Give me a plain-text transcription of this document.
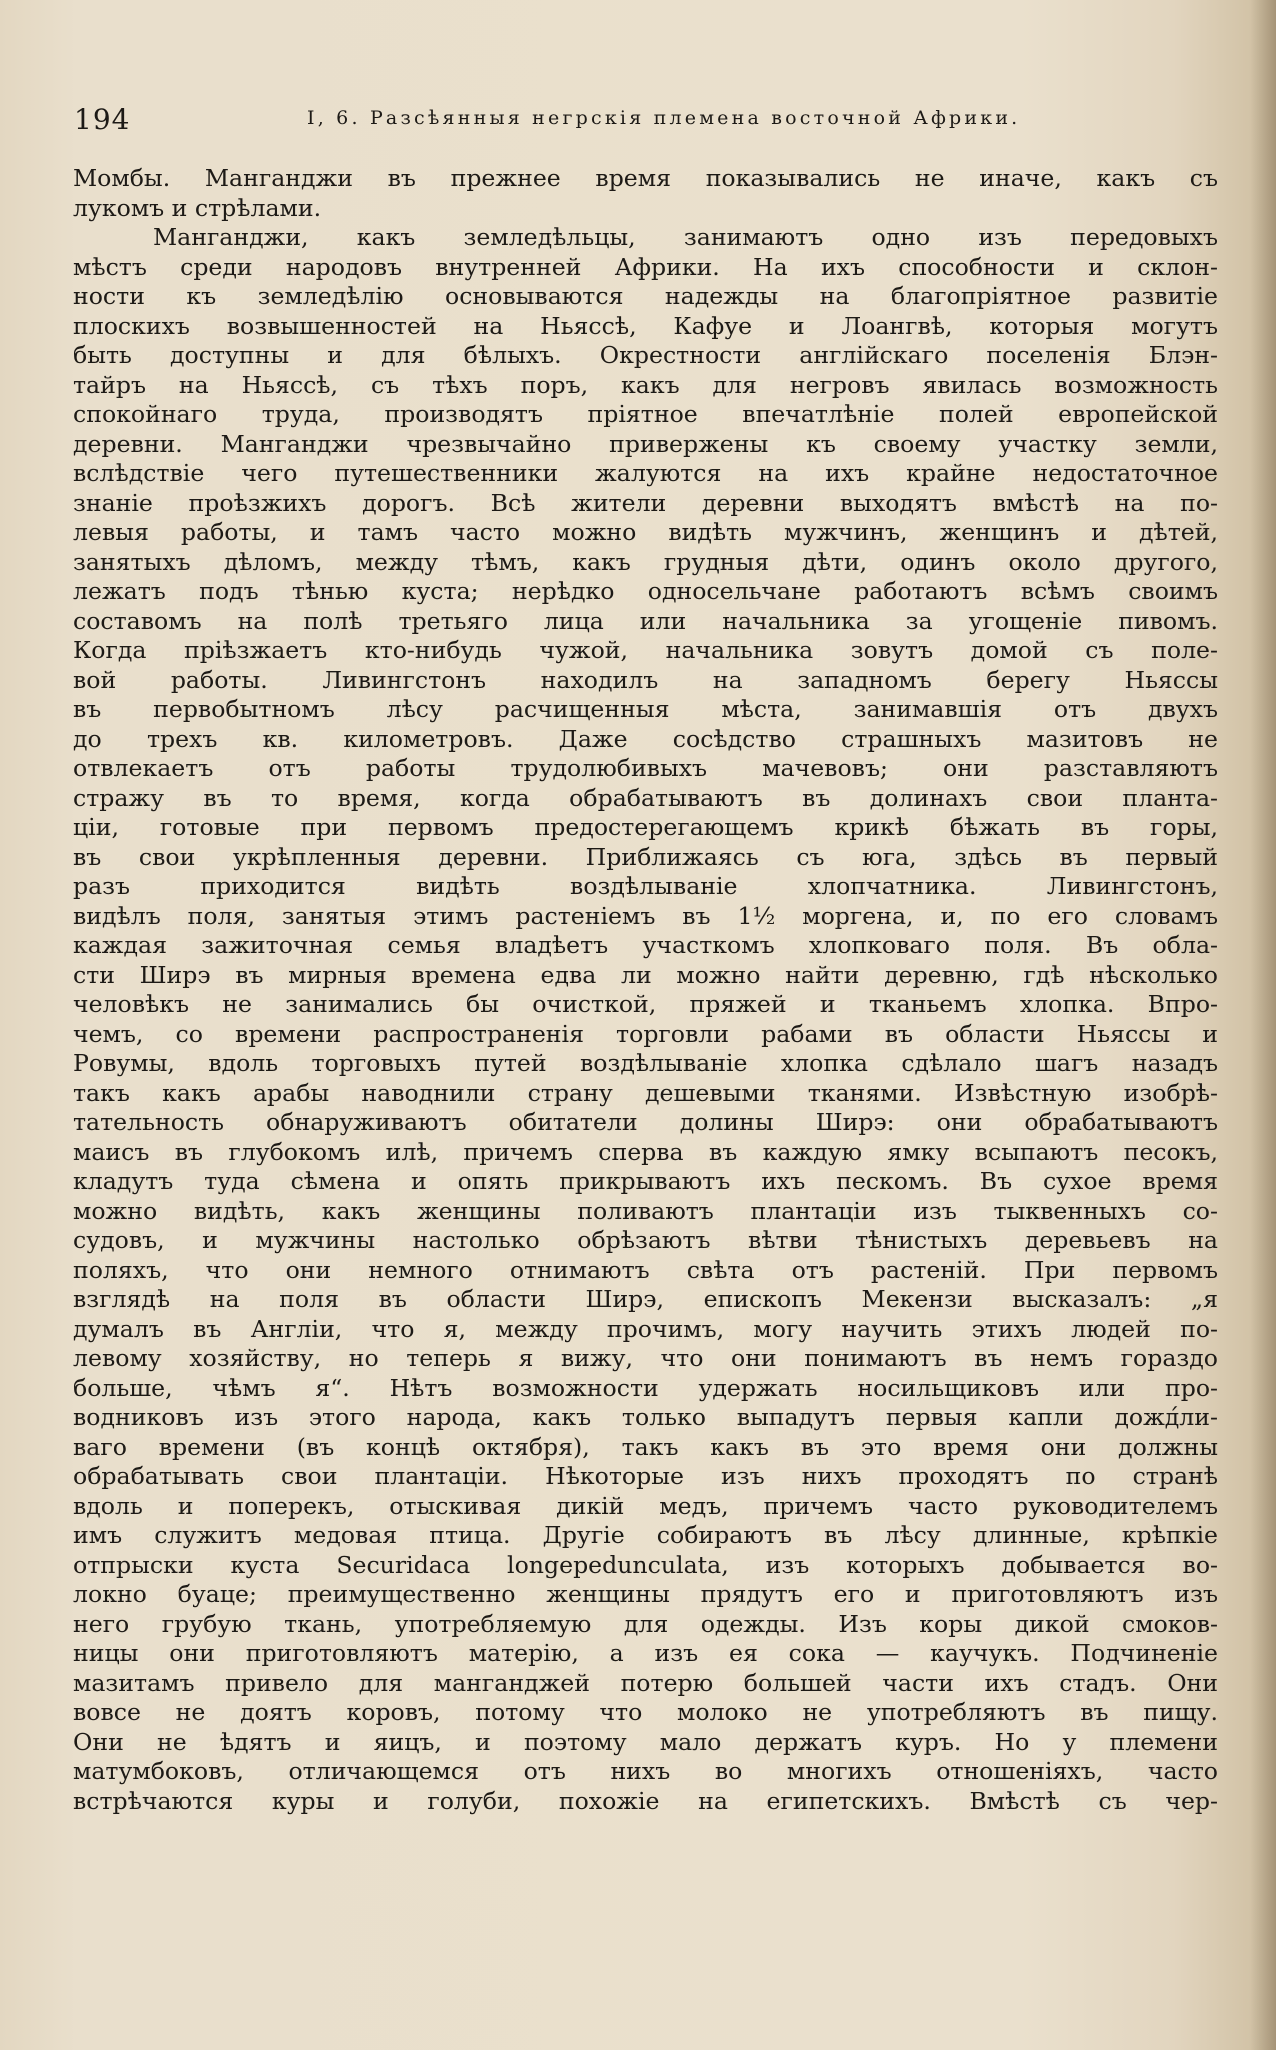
194	I, 6. Разсѣянныя негрскія племена восточной Африки.
Момбы. Манганджи въ прежнее время показывались не иначе, какъ съ
лукомъ и стрѣлами.
Манганджи, какъ земледѣльцы, занимаютъ одно изъ передовыхъ
мѣстъ среди народовъ внутренней Африки. На ихъ способности и склон-
ности къ земледѣлію основываются надежды на благопріятное развитіе
плоскихъ возвышенностей на Ньяссѣ, Кафуе и Лоангвѣ, которыя могутъ
быть доступны и для бѣлыхъ. Окрестности англійскаго поселенія Блэн-
тайръ на Ньяссѣ, съ тѣхъ поръ, какъ для негровъ явилась возможность
спокойнаго труда, производятъ пріятное впечатлѣніе полей европейской
деревни. Манганджи чрезвычайно привержены къ своему участку земли,
вслѣдствіе чего путешественники жалуются на ихъ крайне недостаточное
знаніе проѣзжихъ дорогъ. Всѣ жители деревни выходятъ вмѣстѣ на по-
левыя работы, и тамъ часто можно видѣть мужчинъ, женщинъ и дѣтей,
занятыхъ дѣломъ, между тѣмъ, какъ грудныя дѣти, одинъ около другого,
лежатъ подъ тѣнью куста; нерѣдко односельчане работаютъ всѣмъ своимъ
составомъ на полѣ третьяго лица или начальника за угощеніе пивомъ.
Когда пріѣзжаетъ кто-нибудь чужой, начальника зовутъ домой съ поле-
вой работы. Ливингстонъ находилъ на западномъ берегу Ньяссы
въ первобытномъ лѣсу расчищенныя мѣста, занимавшія отъ двухъ
до трехъ кв. километровъ. Даже сосѣдство страшныхъ мазитовъ не
отвлекаетъ отъ работы трудолюбивыхъ мачевовъ; они разставляютъ
стражу въ то время, когда обрабатываютъ въ долинахъ свои планта-
ціи, готовые при первомъ предостерегающемъ крикѣ бѣжать въ горы,
въ свои укрѣпленныя деревни. Приближаясь съ юга, здѣсь въ первый
разъ приходится видѣть воздѣлываніе хлопчатника. Ливингстонъ,
видѣлъ поля, занятыя этимъ растеніемъ въ 1½ моргена, и, по его словамъ
каждая зажиточная семья владѣетъ участкомъ хлопковаго поля. Въ обла-
сти Ширэ въ мирныя времена едва ли можно найти деревню, гдѣ нѣсколько
человѣкъ не занимались бы очисткой, пряжей и тканьемъ хлопка. Впро-
чемъ, со времени распространенія торговли рабами въ области Ньяссы и
Ровумы, вдоль торговыхъ путей воздѣлываніе хлопка сдѣлало шагъ назадъ
такъ какъ арабы наводнили страну дешевыми тканями. Извѣстную изобрѣ-
тательность обнаруживаютъ обитатели долины Ширэ: они обрабатываютъ
маисъ въ глубокомъ илѣ, причемъ сперва въ каждую ямку всыпаютъ песокъ,
кладутъ туда сѣмена и опять прикрываютъ ихъ пескомъ. Въ сухое время
можно видѣть, какъ женщины поливаютъ плантаціи изъ тыквенныхъ со-
судовъ, и мужчины настолько обрѣзаютъ вѣтви тѣнистыхъ деревьевъ на
поляхъ, что они немного отнимаютъ свѣта отъ растеній. При первомъ
взглядѣ на поля въ области Ширэ, епископъ Мекензи высказалъ: „я
думалъ въ Англіи, что я, между прочимъ, могу научить этихъ людей по-
левому хозяйству, но теперь я вижу, что они понимаютъ въ немъ гораздо
больше, чѣмъ я“. Нѣтъ возможности удержать носильщиковъ или про-
водниковъ изъ этого народа, какъ только выпадутъ первыя капли дожд́ли-
ваго времени (въ концѣ октября), такъ какъ въ это время они должны
обрабатывать свои плантаціи. Нѣкоторые изъ нихъ проходятъ по странѣ
вдоль и поперекъ, отыскивая дикій медъ, причемъ часто руководителемъ
имъ служитъ медовая птица. Другіе собираютъ въ лѣсу длинные, крѣпкіе
отпрыски куста Securidaca longepedunculata, изъ которыхъ добывается во-
локно буаце; преимущественно женщины прядутъ его и приготовляютъ изъ
него грубую ткань, употребляемую для одежды. Изъ коры дикой смоков-
ницы они приготовляютъ матерію, а изъ ея сока — каучукъ. Подчиненіе
мазитамъ привело для манганджей потерю большей части ихъ стадъ. Они
вовсе не доятъ коровъ, потому что молоко не употребляютъ въ пищу.
Они не ѣдятъ и яицъ, и поэтому мало держатъ куръ. Но у племени
матумбоковъ, отличающемся отъ нихъ во многихъ отношеніяхъ, часто
встрѣчаются куры и голуби, похожіе на египетскихъ. Вмѣстѣ съ чер-
